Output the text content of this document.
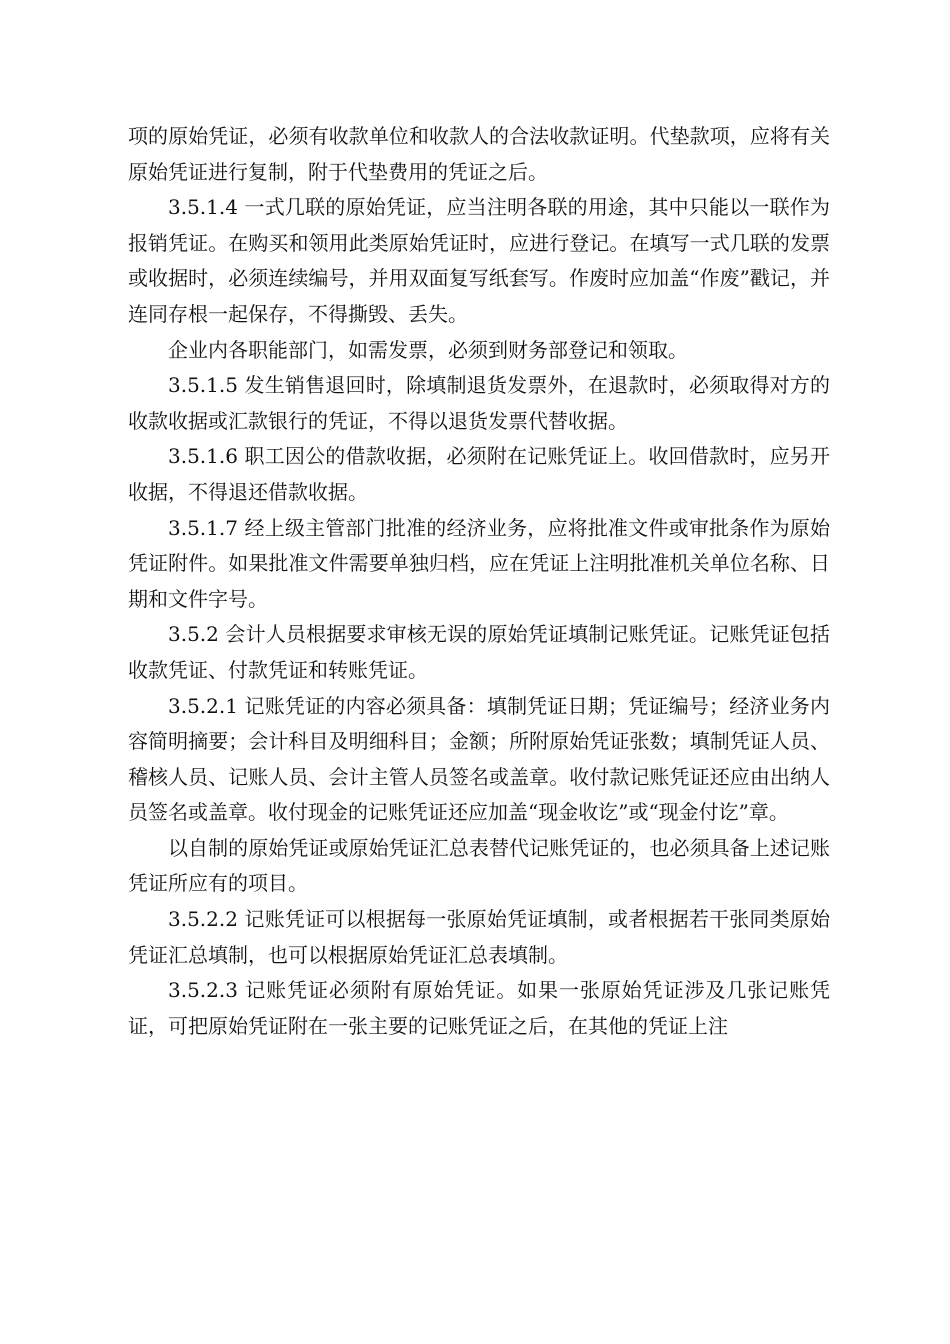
项的原始凭证，必须有收款单位和收款人的合法收款证明。代垫款项，应将有关原始凭证进行复制，附于代垫费用的凭证之后。

3.5.1.4 一式几联的原始凭证，应当注明各联的用途，其中只能以一联作为报销凭证。在购买和领用此类原始凭证时，应进行登记。在填写一式几联的发票或收据时，必须连续编号，并用双面复写纸套写。作废时应加盖“作废”戳记，并连同存根一起保存，不得撕毁、丢失。

企业内各职能部门，如需发票，必须到财务部登记和领取。

3.5.1.5 发生销售退回时，除填制退货发票外，在退款时，必须取得对方的收款收据或汇款银行的凭证，不得以退货发票代替收据。

3.5.1.6 职工因公的借款收据，必须附在记账凭证上。收回借款时，应另开收据，不得退还借款收据。

3.5.1.7 经上级主管部门批准的经济业务，应将批准文件或审批条作为原始凭证附件。如果批准文件需要单独归档，应在凭证上注明批准机关单位名称、日期和文件字号。

3.5.2 会计人员根据要求审核无误的原始凭证填制记账凭证。记账凭证包括收款凭证、付款凭证和转账凭证。

3.5.2.1 记账凭证的内容必须具备：填制凭证日期；凭证编号；经济业务内容简明摘要；会计科目及明细科目；金额；所附原始凭证张数；填制凭证人员、稽核人员、记账人员、会计主管人员签名或盖章。收付款记账凭证还应由出纳人员签名或盖章。收付现金的记账凭证还应加盖“现金收讫”或“现金付讫”章。

以自制的原始凭证或原始凭证汇总表替代记账凭证的，也必须具备上述记账凭证所应有的项目。

3.5.2.2 记账凭证可以根据每一张原始凭证填制，或者根据若干张同类原始凭证汇总填制，也可以根据原始凭证汇总表填制。

3.5.2.3 记账凭证必须附有原始凭证。如果一张原始凭证涉及几张记账凭证，可把原始凭证附在一张主要的记账凭证之后，在其他的凭证上注
